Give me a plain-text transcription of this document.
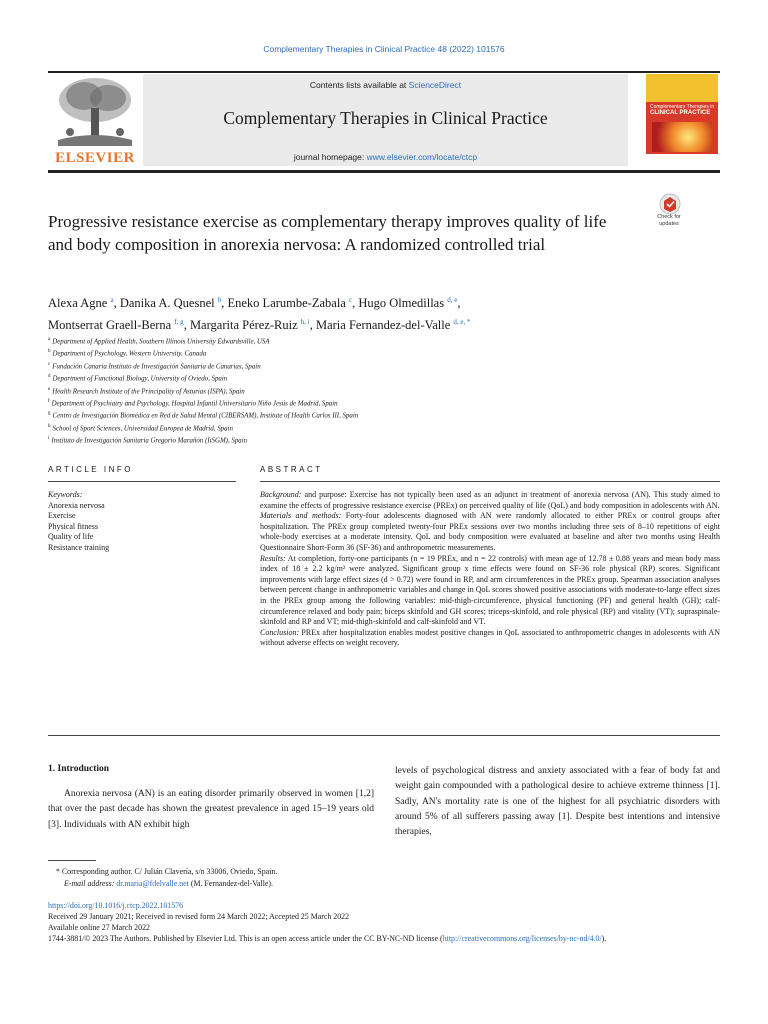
Complementary Therapies in Clinical Practice 48 (2022) 101576
ELSEVIER
Contents lists available at ScienceDirect
Complementary Therapies in Clinical Practice
journal homepage: www.elsevier.com/locate/ctcp
Complementary Therapies in
CLINICAL PRACTICE
Progressive resistance exercise as complementary therapy improves quality of life and body composition in anorexia nervosa: A randomized controlled trial
Check for
updates
Alexa Agne $^a$, Danika A. Quesnel $^b$, Eneko Larumbe-Zabala $^c$, Hugo Olmedillas $^{d, e}$,
Montserrat Graell-Berna $^{f, g}$, Margarita Pérez-Ruiz $^{h, i}$, Maria Fernandez-del-Valle $^{d, e, *}$
$^a$ Department of Applied Health, Southern Illinois University Edwardsville, USA
$^b$ Department of Psychology, Western University, Canada
$^c$ Fundación Canaria Instituto de Investigación Sanitaria de Canarias, Spain
$^d$ Department of Functional Biology, University of Oviedo, Spain
$^e$ Health Research Institute of the Principality of Asturias (ISPA), Spain
$^f$ Department of Psychiatry and Psychology, Hospital Infantil Universitario Niño Jesús de Madrid, Spain
$^g$ Centro de Investigación Biomédica en Red de Salud Mental (CIBERSAM), Institute of Health Carlos III, Spain
$^h$ School of Sport Sciences, Universidad Europea de Madrid, Spain
$^i$ Instituto de Investigación Sanitaria Gregorio Marañón (IiSGM), Spain
ARTICLE INFO	ABSTRACT
Keywords:
Anorexia nervosa
Exercise
Physical fitness
Quality of life
Resistance training

Background: and purpose: Exercise has not typically been used as an adjunct in treatment of anorexia nervosa (AN). This study aimed to examine the effects of progressive resistance exercise (PREx) on perceived quality of life (QoL) and body composition in adolescents with AN.

Materials and methods: Forty-four adolescents diagnosed with AN were randomly allocated to either PREx or control groups after hospitalization. The PREx group completed twenty-four PREx sessions over two months including three sets of 8–10 repetitions of eight whole-body exercises at a moderate intensity. QoL and body composition were evaluated at baseline and after two months using Health Questionnaire Short-Form 36 (SF-36) and anthropometric measurements.

Results: At completion, forty-one participants (n = 19 PREx, and n = 22 controls) with mean age of 12.78 ± 0.88 years and mean body mass index of 18 ± 2.2 kg/m² were analyzed. Significant group x time effects were found on SF-36 role physical (RP) scores. Significant improvements with large effect sizes (d > 0.72) were found in RP, and arm circumferences in the PREx group. Spearman association analyses between percent change in anthropometric variables and change in QoL scores showed positive associations with moderate-to-large effect sizes in the PREx group among the following variables: mid-thigh-circumference, physical functioning (PF) and general health (GH); calf-circumference relaxed and body pain; biceps skinfold and GH scores; triceps-skinfold, and role physical (RP) and vitality (VT); supraspinale-skinfold and RP and VT; mid-thigh-skinfold and calf-skinfold and VT.

Conclusion: PREx after hospitalization enables modest positive changes in QoL associated to anthropometric changes in adolescents with AN without adverse effects on weight recovery.

1. Introduction

Anorexia nervosa (AN) is an eating disorder primarily observed in women [1,2] that over the past decade has shown the greatest prevalence in aged 15–19 years old [3]. Individuals with AN exhibit high

levels of psychological distress and anxiety associated with a fear of body fat and weight gain compounded with a pathological desire to achieve extreme thinness [1]. Sadly, AN's mortality rate is one of the highest for all psychiatric disorders with around 5% of all sufferers passing away [1]. Despite best intentions and intensive therapies,

* Corresponding author. C/ Julián Clavería, s/n 33006, Oviedo, Spain.
E-mail address: dr.maria@fdelvalle.net (M. Fernandez-del-Valle).
https://doi.org/10.1016/j.ctcp.2022.101576
Received 29 January 2021; Received in revised form 24 March 2022; Accepted 25 March 2022
Available online 27 March 2022
1744-3881/© 2023 The Authors. Published by Elsevier Ltd. This is an open access article under the CC BY-NC-ND license (http://creativecommons.org/licenses/by-nc-nd/4.0/).
